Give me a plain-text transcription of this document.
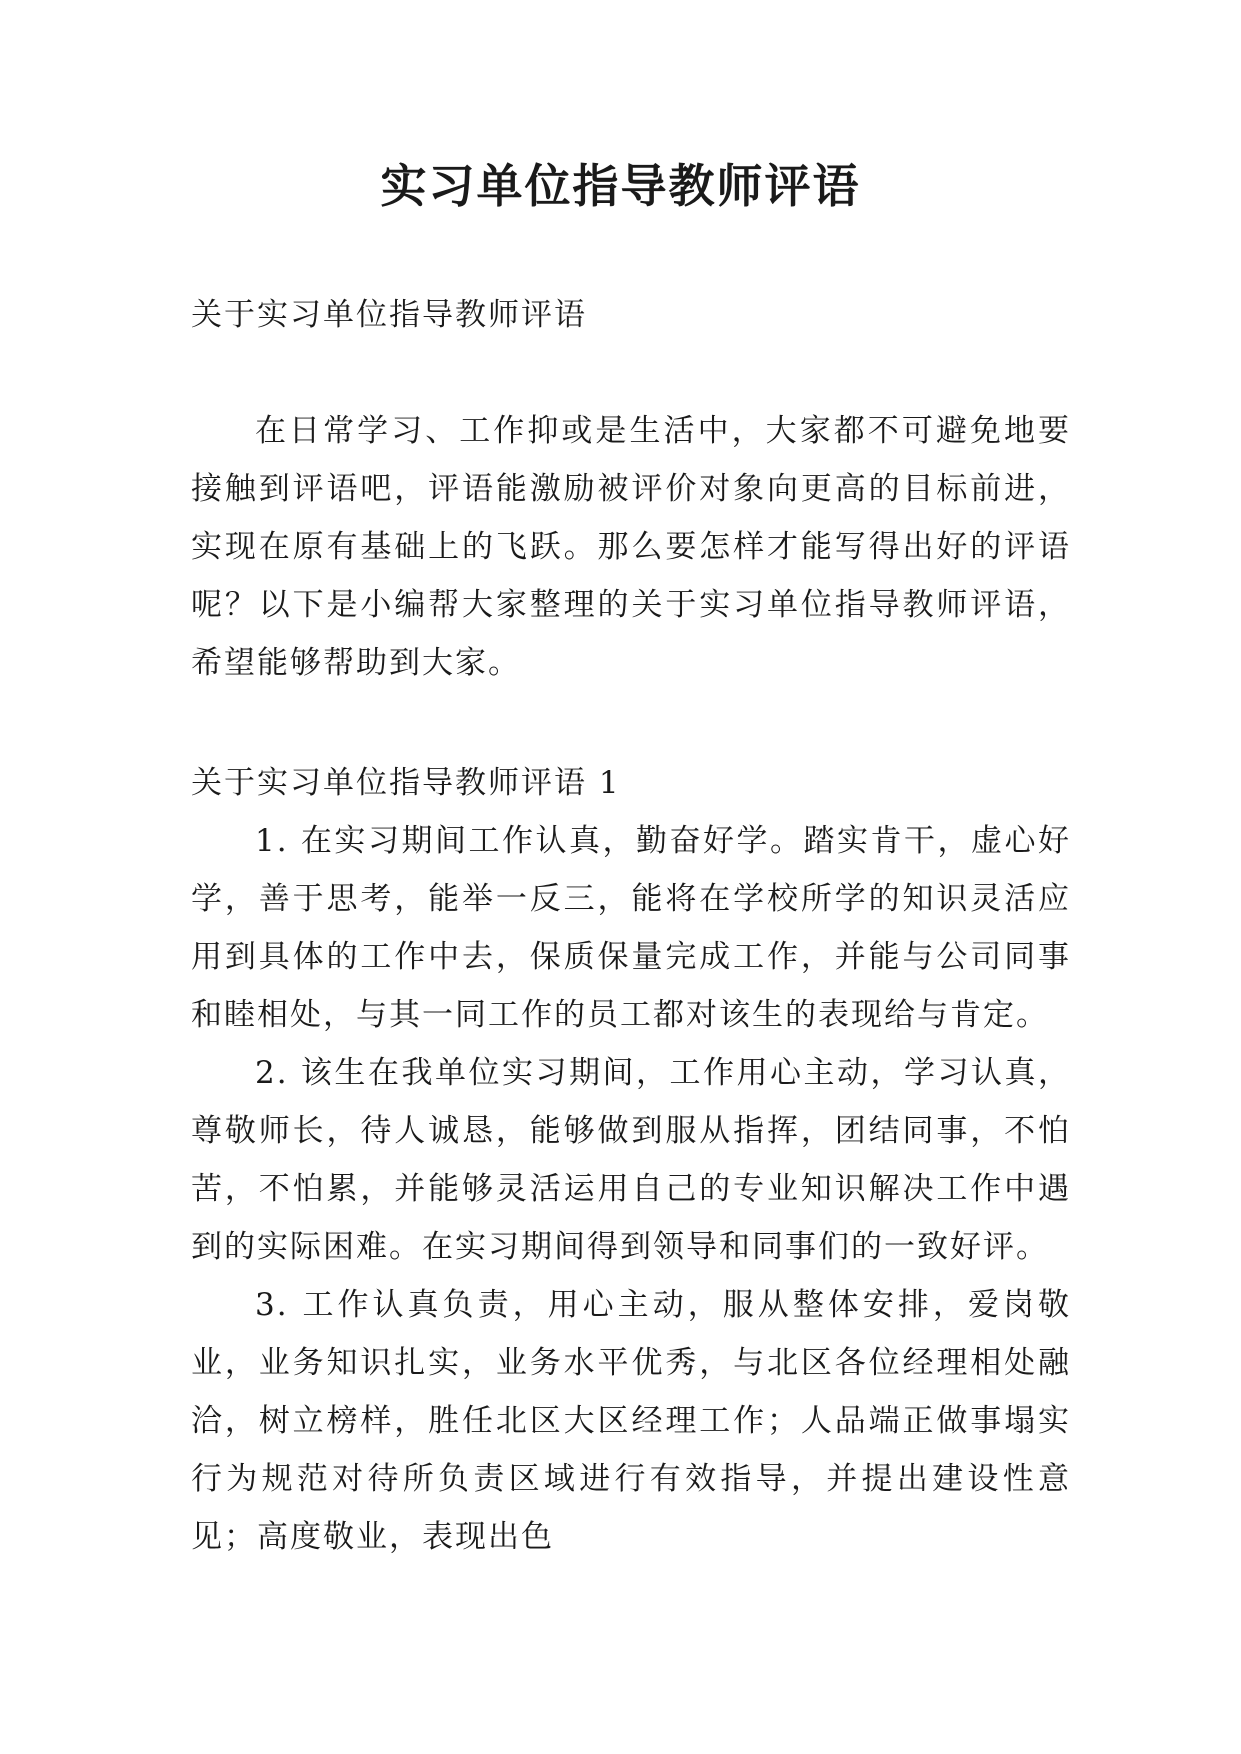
实习单位指导教师评语

关于实习单位指导教师评语

在日常学习、工作抑或是生活中，大家都不可避免地要接触到评语吧，评语能激励被评价对象向更高的目标前进，实现在原有基础上的飞跃。那么要怎样才能写得出好的评语呢？以下是小编帮大家整理的关于实习单位指导教师评语，希望能够帮助到大家。

关于实习单位指导教师评语 1

1. 在实习期间工作认真，勤奋好学。踏实肯干，虚心好学，善于思考，能举一反三，能将在学校所学的知识灵活应用到具体的工作中去，保质保量完成工作，并能与公司同事和睦相处，与其一同工作的员工都对该生的表现给与肯定。

2. 该生在我单位实习期间，工作用心主动，学习认真，尊敬师长，待人诚恳，能够做到服从指挥，团结同事，不怕苦，不怕累，并能够灵活运用自己的专业知识解决工作中遇到的实际困难。在实习期间得到领导和同事们的一致好评。

3. 工作认真负责，用心主动，服从整体安排，爱岗敬业，业务知识扎实，业务水平优秀，与北区各位经理相处融洽，树立榜样，胜任北区大区经理工作；人品端正做事塌实行为规范对待所负责区域进行有效指导，并提出建设性意见；高度敬业，表现出色
